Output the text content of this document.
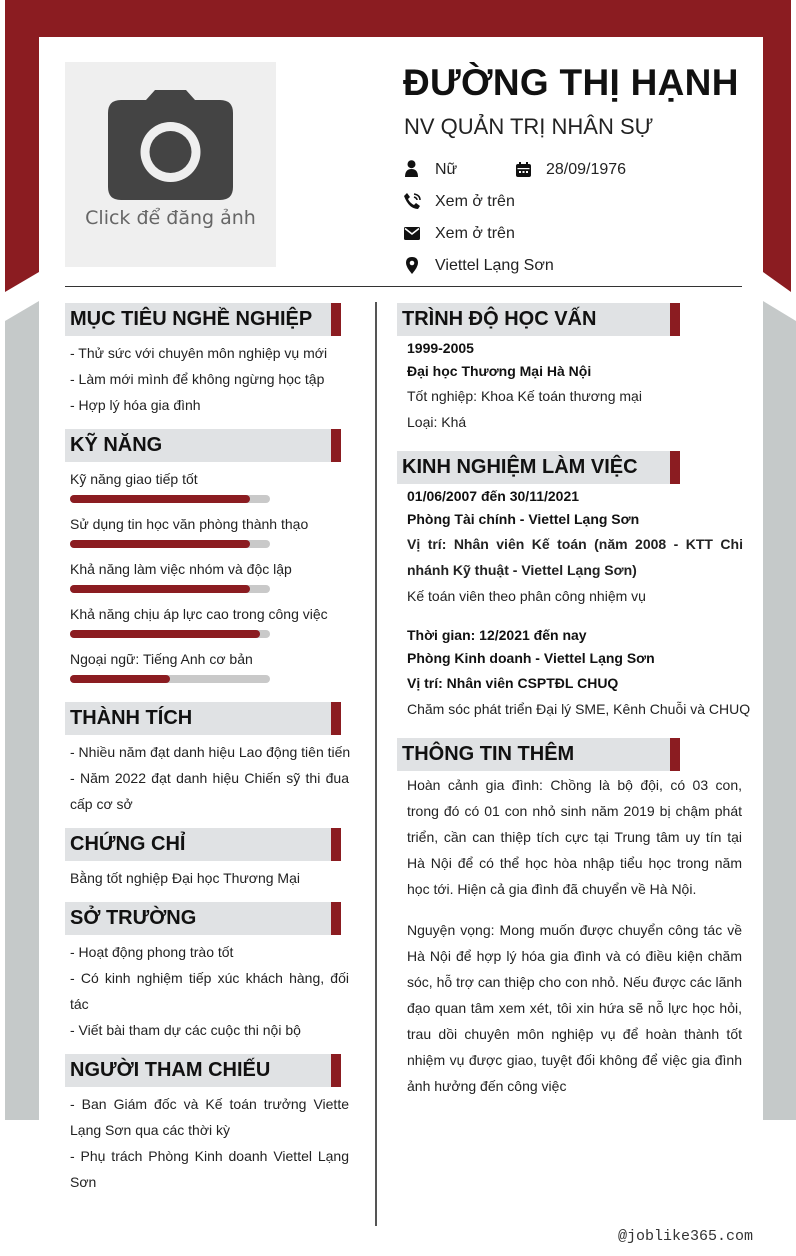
Click để đăng ảnh
ĐƯỜNG THỊ HẠNH
NV QUẢN TRỊ NHÂN SỰ
Nữ	28/09/1976
Xem ở trên
Xem ở trên
Viettel Lạng Sơn
MỤC TIÊU NGHỀ NGHIỆP
- Thử sức với chuyên môn nghiệp vụ mới
- Làm mới mình để không ngừng học tập
- Hợp lý hóa gia đình
KỸ NĂNG
Kỹ năng giao tiếp tốt
Sử dụng tin học văn phòng thành thạo
Khả năng làm việc nhóm và độc lập
Khả năng chịu áp lực cao trong công việc
Ngoại ngữ: Tiếng Anh cơ bản
THÀNH TÍCH
- Nhiều năm đạt danh hiệu Lao động tiên tiến
- Năm 2022 đạt danh hiệu Chiến sỹ thi đua cấp cơ sở
CHỨNG CHỈ
Bằng tốt nghiệp Đại học Thương Mại
SỞ TRƯỜNG
- Hoạt động phong trào tốt
- Có kinh nghiệm tiếp xúc khách hàng, đối tác
- Viết bài tham dự các cuộc thi nội bộ
NGƯỜI THAM CHIẾU
- Ban Giám đốc và Kế toán trưởng Viette Lạng Sơn qua các thời kỳ
- Phụ trách Phòng Kinh doanh Viettel Lạng Sơn
TRÌNH ĐỘ HỌC VẤN
1999-2005
Đại học Thương Mại Hà Nội
Tốt nghiệp: Khoa Kế toán thương mại
Loại: Khá
KINH NGHIỆM LÀM VIỆC
01/06/2007 đến 30/11/2021
Phòng Tài chính - Viettel Lạng Sơn
Vị trí: Nhân viên Kế toán (năm 2008 - KTT Chi nhánh Kỹ thuật - Viettel Lạng Sơn)
Kế toán viên theo phân công nhiệm vụ
Thời gian: 12/2021 đến nay
Phòng Kinh doanh - Viettel Lạng Sơn
Vị trí: Nhân viên CSPTĐL CHUQ
Chăm sóc phát triển Đại lý SME, Kênh Chuỗi và CHUQ
THÔNG TIN THÊM
Hoàn cảnh gia đình: Chồng là bộ đội, có 03 con, trong đó có 01 con nhỏ sinh năm 2019 bị chậm phát triển, cần can thiệp tích cực tại Trung tâm uy tín tại Hà Nội để có thể học hòa nhập tiểu học trong năm học tới. Hiện cả gia đình đã chuyển về Hà Nội.
Nguyện vọng: Mong muốn được chuyển công tác về Hà Nội để hợp lý hóa gia đình và có điều kiện chăm sóc, hỗ trợ can thiệp cho con nhỏ. Nếu được các lãnh đạo quan tâm xem xét, tôi xin hứa sẽ nỗ lực học hỏi, trau dồi chuyên môn nghiệp vụ để hoàn thành tốt nhiệm vụ được giao, tuyệt đối không để việc gia đình ảnh hưởng đến công việc
@joblike365.com
